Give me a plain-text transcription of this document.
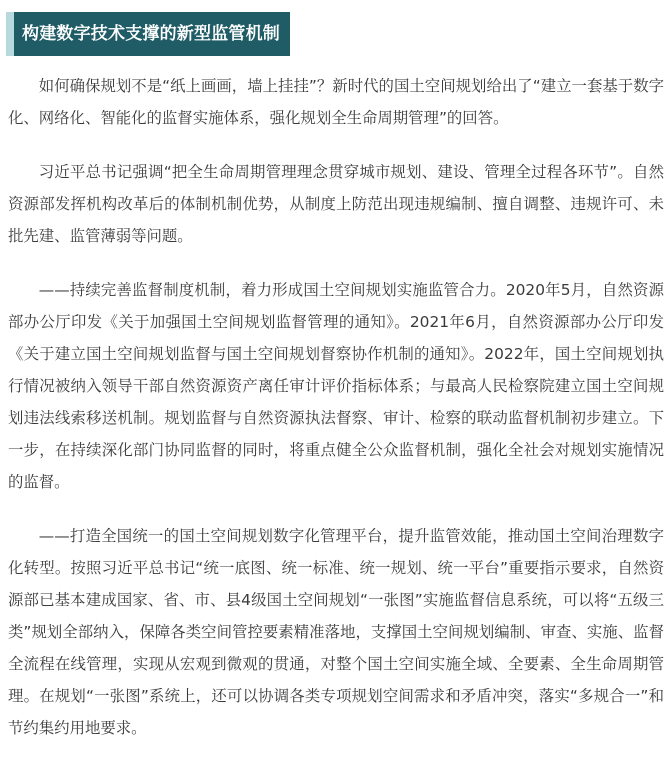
构建数字技术支撑的新型监管机制

如何确保规划不是“纸上画画，墙上挂挂”？新时代的国土空间规划给出了“建立一套基于数字化、网络化、智能化的监督实施体系，强化规划全生命周期管理”的回答。

习近平总书记强调“把全生命周期管理理念贯穿城市规划、建设、管理全过程各环节”。自然资源部发挥机构改革后的体制机制优势，从制度上防范出现违规编制、擅自调整、违规许可、未批先建、监管薄弱等问题。

——持续完善监督制度机制，着力形成国土空间规划实施监管合力。2020年5月，自然资源部办公厅印发《关于加强国土空间规划监督管理的通知》。2021年6月，自然资源部办公厅印发《关于建立国土空间规划监督与国土空间规划督察协作机制的通知》。2022年，国土空间规划执行情况被纳入领导干部自然资源资产离任审计评价指标体系；与最高人民检察院建立国土空间规划违法线索移送机制。规划监督与自然资源执法督察、审计、检察的联动监督机制初步建立。下一步，在持续深化部门协同监督的同时，将重点健全公众监督机制，强化全社会对规划实施情况的监督。

——打造全国统一的国土空间规划数字化管理平台，提升监管效能，推动国土空间治理数字化转型。按照习近平总书记“统一底图、统一标准、统一规划、统一平台”重要指示要求，自然资源部已基本建成国家、省、市、县4级国土空间规划“一张图”实施监督信息系统，可以将“五级三类”规划全部纳入，保障各类空间管控要素精准落地，支撑国土空间规划编制、审查、实施、监督全流程在线管理，实现从宏观到微观的贯通，对整个国土空间实施全域、全要素、全生命周期管理。在规划“一张图”系统上，还可以协调各类专项规划空间需求和矛盾冲突，落实“多规合一”和节约集约用地要求。
